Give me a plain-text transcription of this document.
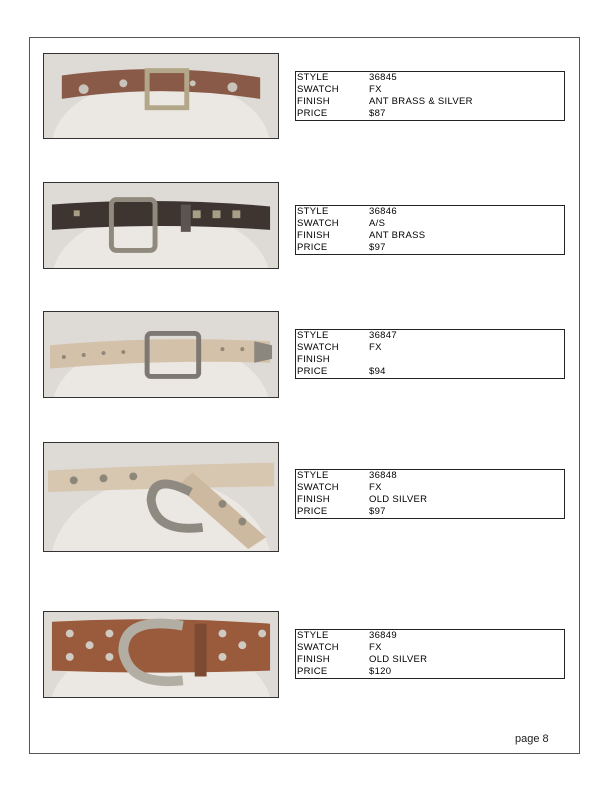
STYLE	36845
SWATCH	FX
FINISH	ANT BRASS & SILVER
PRICE	$87
STYLE	36846
SWATCH	A/S
FINISH	ANT BRASS
PRICE	$97
STYLE	36847
SWATCH	FX
FINISH
PRICE	$94
STYLE	36848
SWATCH	FX
FINISH	OLD SILVER
PRICE	$97
STYLE	36849
SWATCH	FX
FINISH	OLD SILVER
PRICE	$120
page 8
